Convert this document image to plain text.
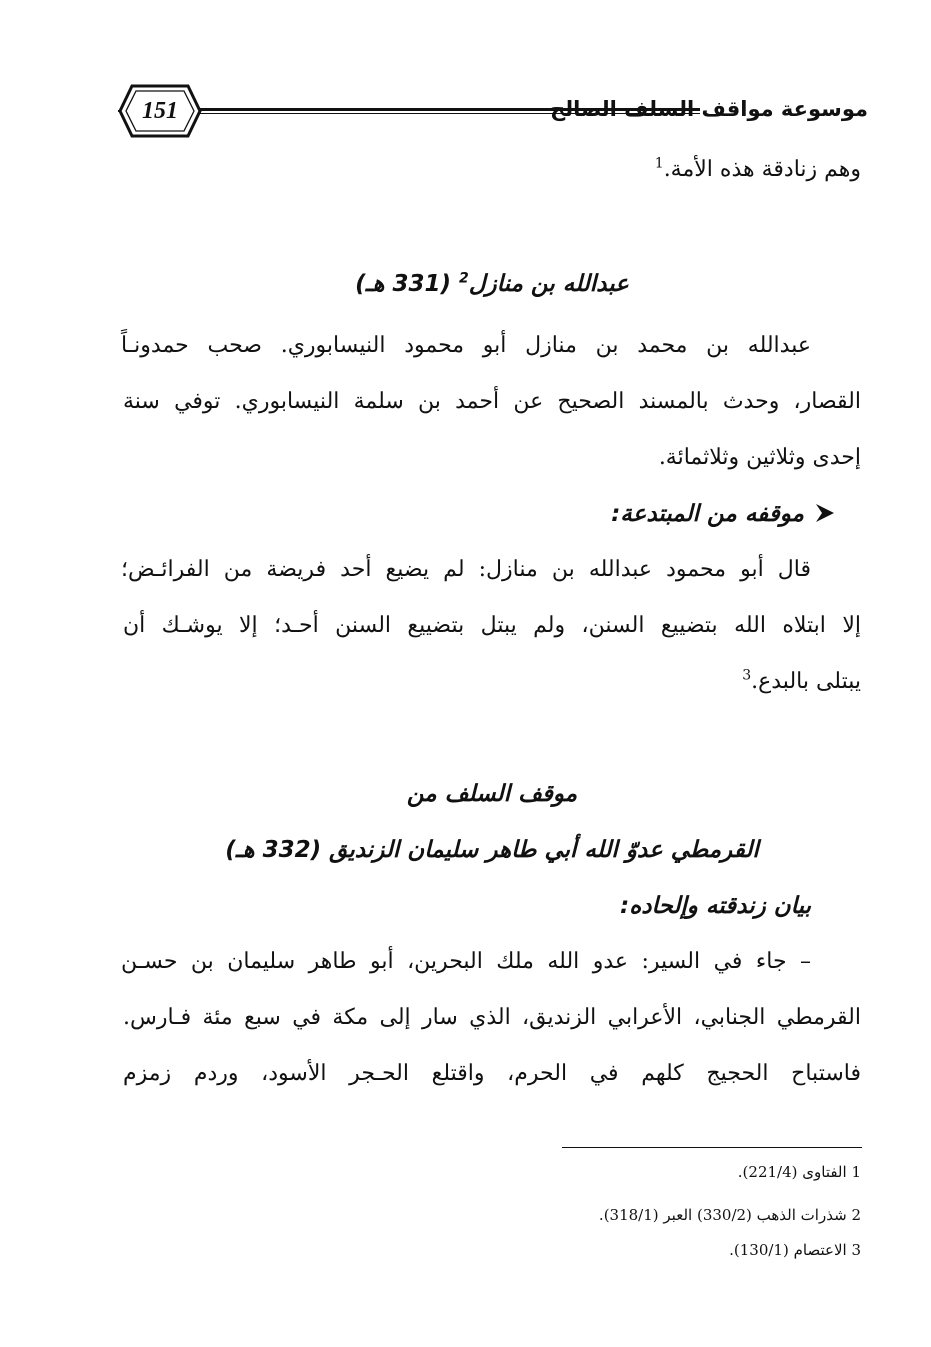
151	موسوعة مواقف السلف الصالح
وهم زنادقة هذه الأمة.$^1$
عبدالله بن منازل$^2$ (331 هـ)
عبدالله بن محمد بن منازل أبو محمود النيسابوري. صحب حمدونـاً
القصار، وحدث بالمسند الصحيح عن أحمد بن سلمة النيسابوري. توفي سنة
إحدى وثلاثين وثلاثمائة.
موقفه من المبتدعة:
قال أبو محمود عبدالله بن منازل: لم يضيع أحد فريضة من الفرائـض؛
إلا ابتلاه الله بتضييع السنن، ولم يبتل بتضييع السنن أحـد؛ إلا يوشـك أن
يبتلى بالبدع.$^3$
موقف السلف من
القرمطي عدوّ الله أبي طاهر سليمان الزنديق (332 هـ)
بيان زندقته وإلحاده:
– جاء في السير: عدو الله ملك البحرين، أبو طاهر سليمان بن حسـن
القرمطي الجنابي، الأعرابي الزنديق، الذي سار إلى مكة في سبع مئة فـارس.
فاستباح الحجيج كلهم في الحرم، واقتلع الحـجر الأسود، وردم زمزم
1 الفتاوى (221/4).
2 شذرات الذهب (330/2) العبر (318/1).
3 الاعتصام (130/1).
